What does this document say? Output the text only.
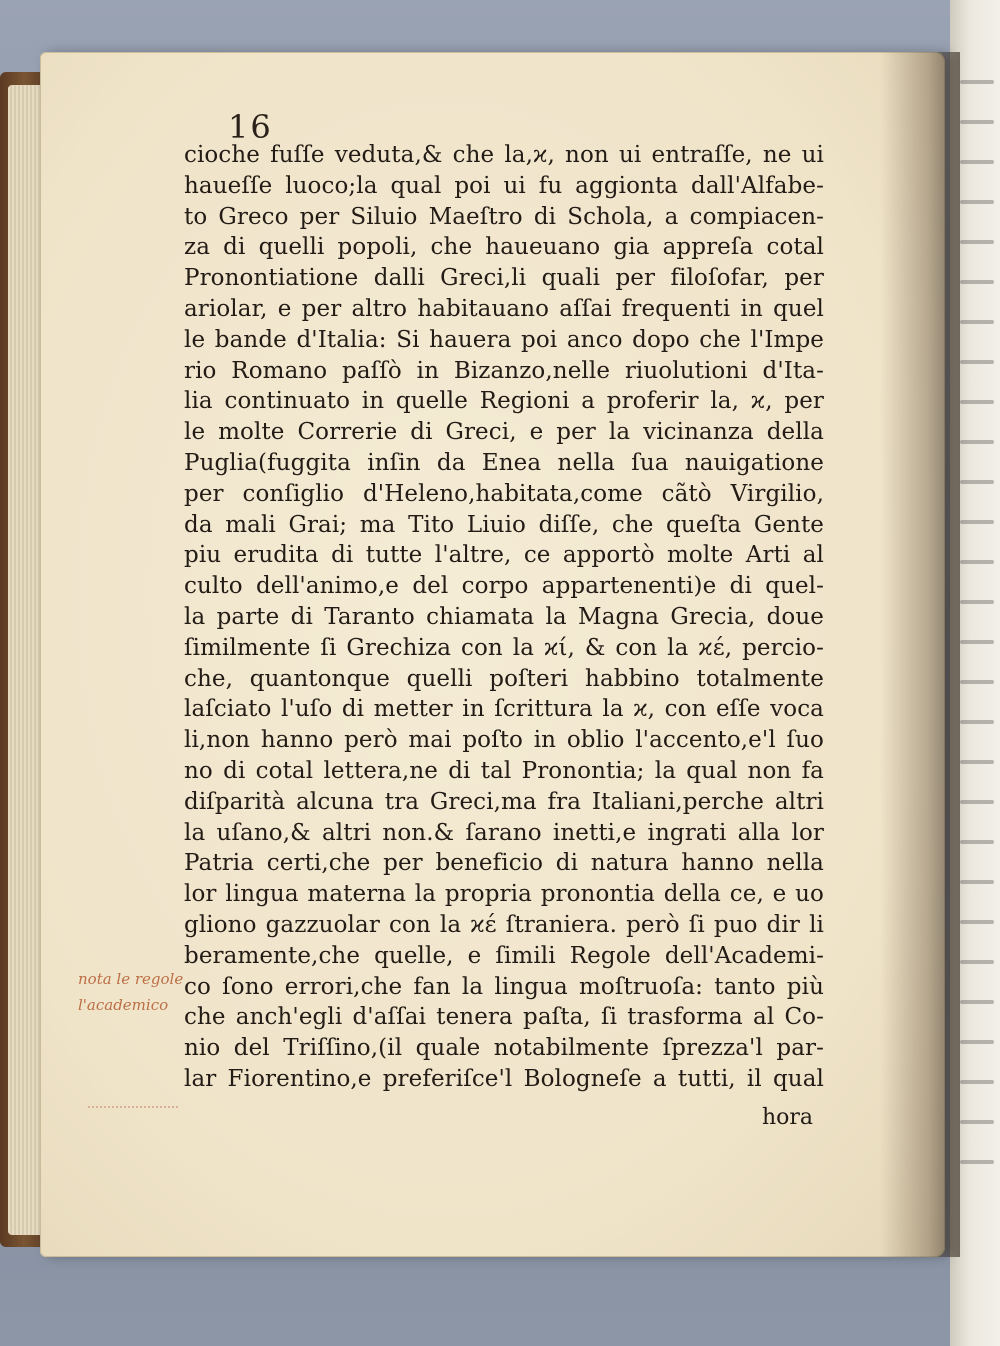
16
cioche fuſſe veduta,& che la,ϰ, non ui entraſſe, ne ui
haueſſe luoco;la qual poi ui fu aggionta dall'Alfabe-
to Greco per Siluio Maeſtro di Schola, a compiacen-
za di quelli popoli, che haueuano gia appreſa cotal
Pronontiatione dalli Greci,li quali per filoſofar, per
ariolar, e per altro habitauano aſſai frequenti in quel
le bande d'Italia: Si hauera poi anco dopo che l'Impe
rio Romano paſſò in Bizanzo,nelle riuolutioni d'Ita-
lia continuato in quelle Regioni a proferir la, ϰ, per
le molte Correrie di Greci, e per la vicinanza della
Puglia(fuggita inſin da Enea nella ſua nauigatione
per conſiglio d'Heleno,habitata,come cãtò Virgilio,
da mali Grai; ma Tito Liuio diſſe, che queſta Gente
piu erudita di tutte l'altre, ce apportò molte Arti al
culto dell'animo,e del corpo appartenenti)e di quel-
la parte di Taranto chiamata la Magna Grecia, doue
ſimilmente ſi Grechiza con la ϰί, & con la ϰέ, percio-
che, quantonque quelli poſteri habbino totalmente
laſciato l'uſo di metter in ſcrittura la ϰ, con eſſe voca
li,non hanno però mai poſto in oblio l'accento,e'l ſuo
no di cotal lettera,ne di tal Pronontia; la qual non fa
diſparità alcuna tra Greci,ma fra Italiani,perche altri
la uſano,& altri non.& ſarano inetti,e ingrati alla lor
Patria certi,che per beneficio di natura hanno nella
lor lingua materna la propria pronontia della ce, e uo
gliono gazzuolar con la ϰέ ſtraniera. però ſi puo dir li
beramente,che quelle, e ſimili Regole dell'Academi-
co ſono errori,che fan la lingua moſtruoſa: tanto più
che anch'egli d'aſſai tenera paſta, ſi trasforma al Co-
nio del Triſſino,(il quale notabilmente ſprezza'l par-
lar Fiorentino,e preferiſce'l Bologneſe a tutti, il qual
hora
nota le regole
l'academico
